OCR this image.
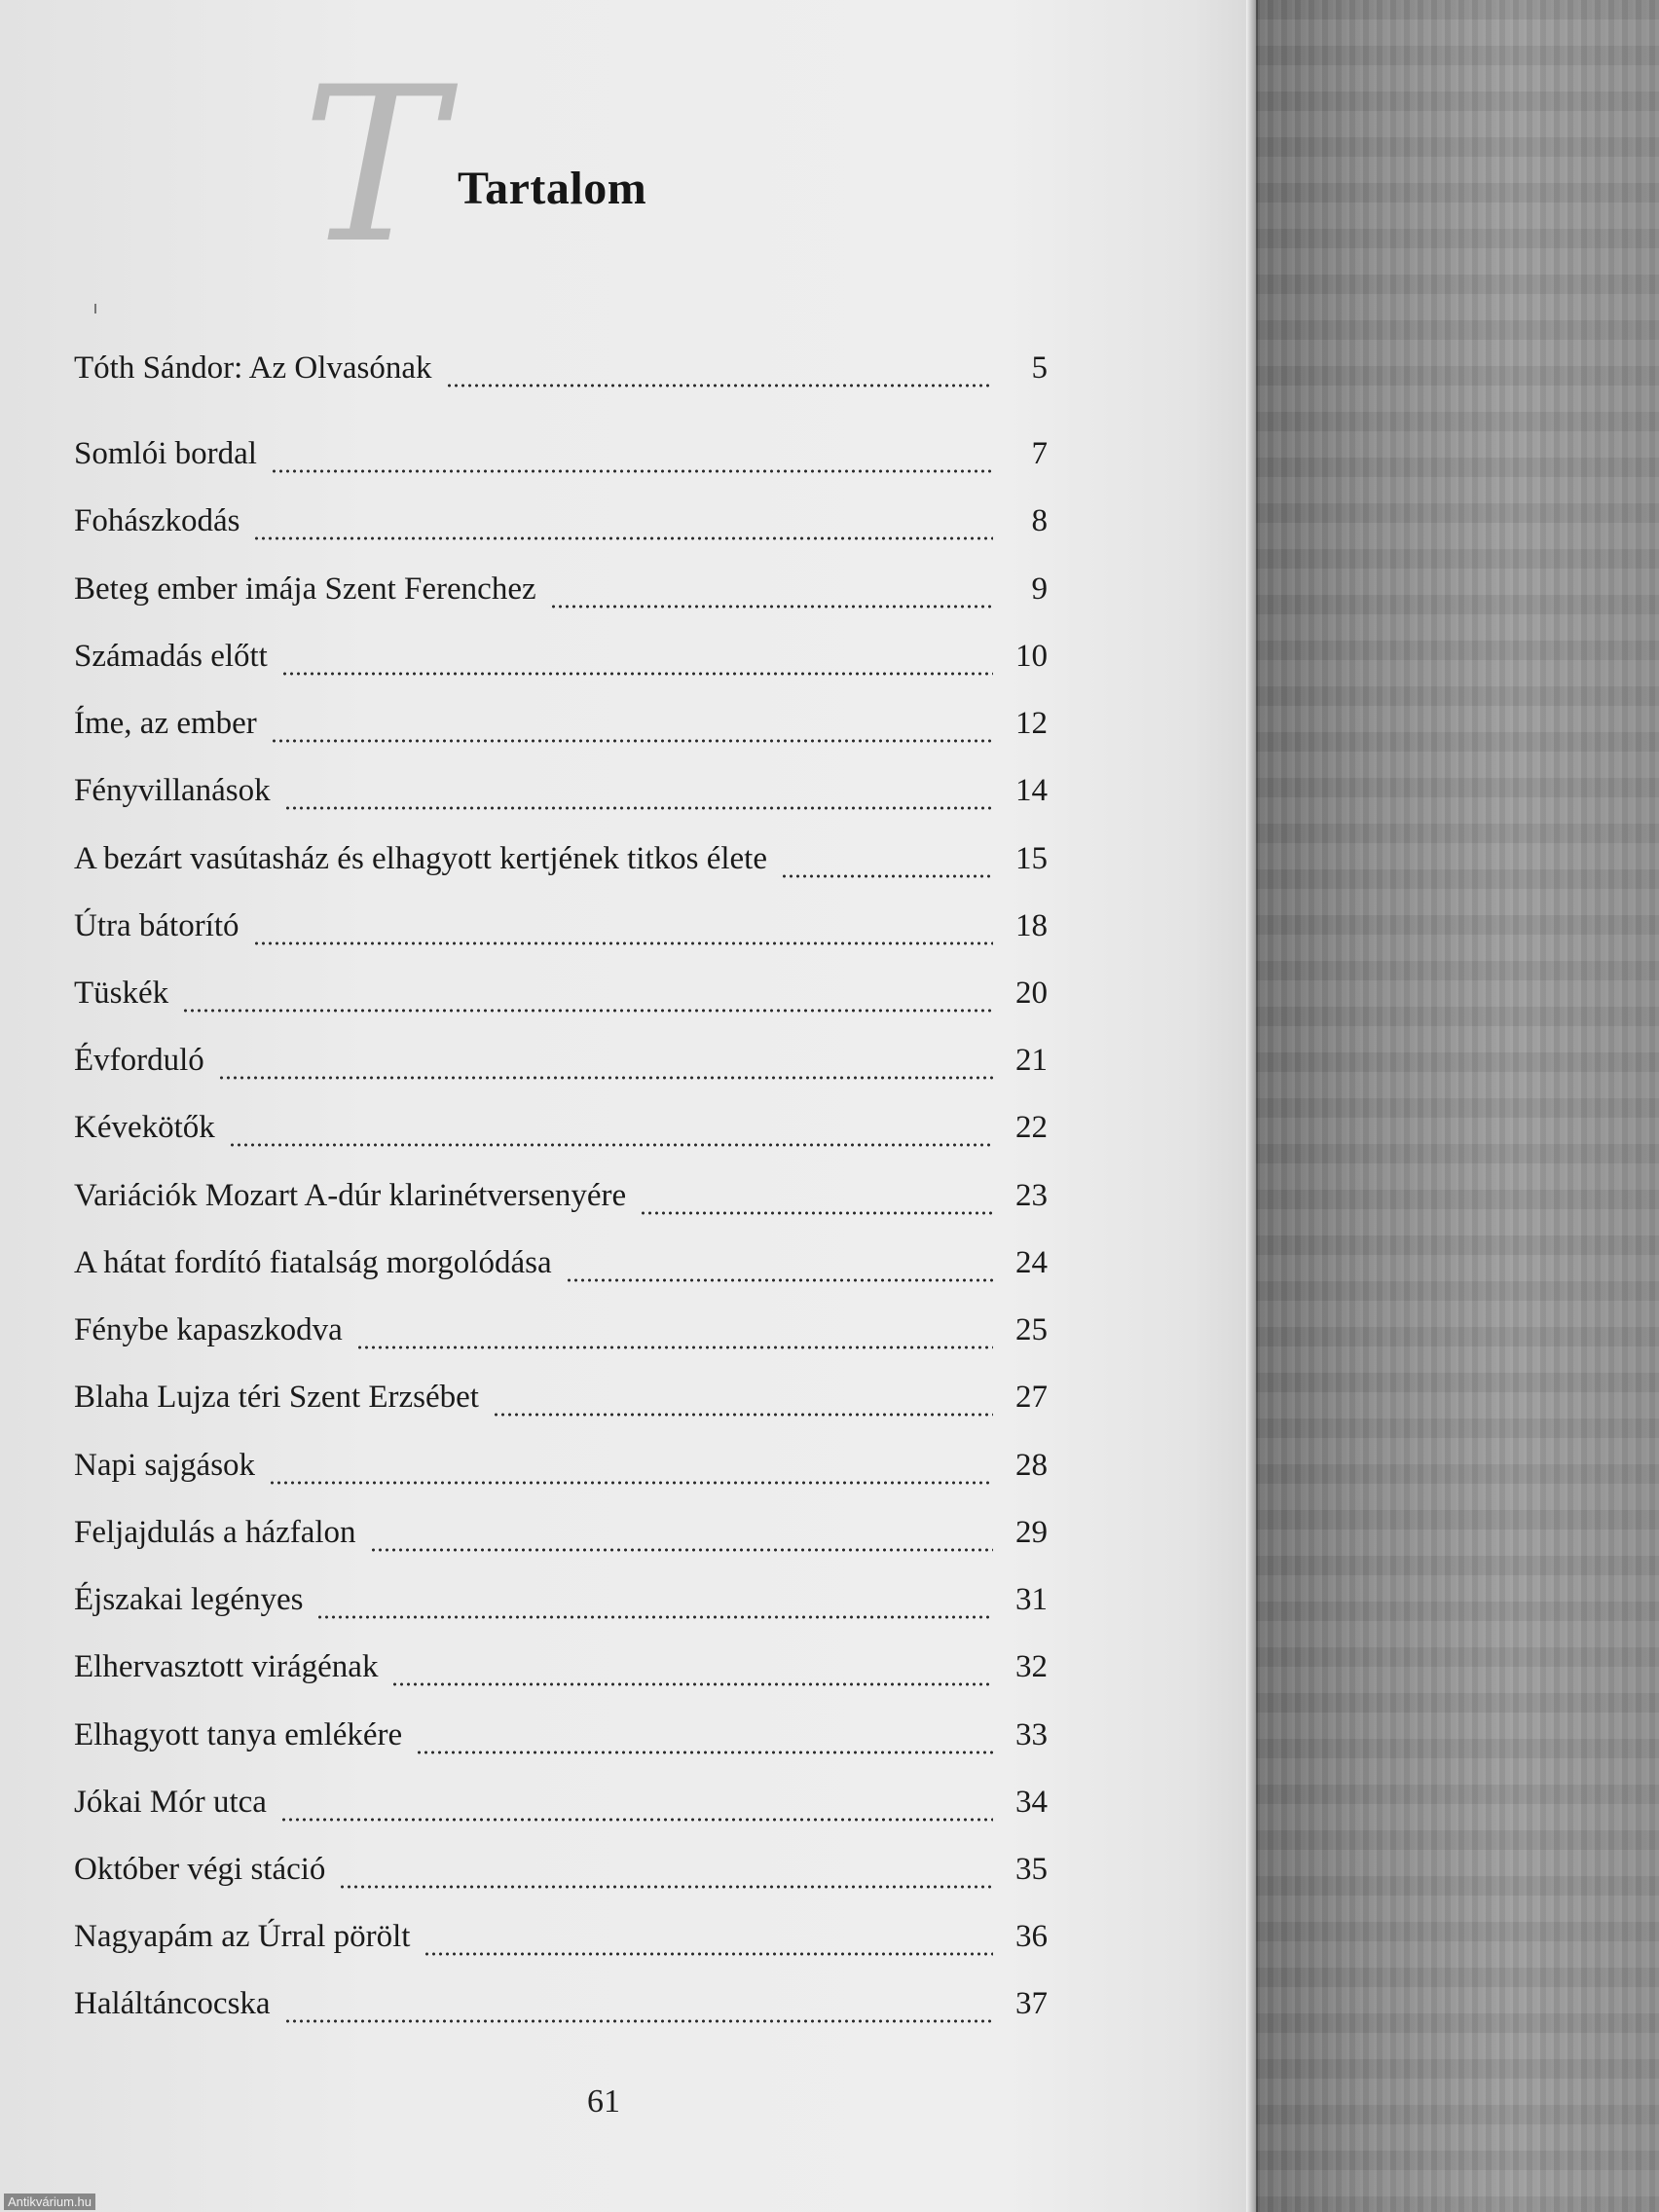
T Tartalom
Tóth Sándor: Az Olvasónak	5
Somlói bordal	7
Fohászkodás	8
Beteg ember imája Szent Ferenchez	9
Számadás előtt	10
Íme, az ember	12
Fényvillanások	14
A bezárt vasútasház és elhagyott kertjének titkos élete	15
Útra bátorító	18
Tüskék	20
Évforduló	21
Kévekötők	22
Variációk Mozart A-dúr klarinétversenyére	23
A hátat fordító fiatalság morgolódása	24
Fénybe kapaszkodva	25
Blaha Lujza téri Szent Erzsébet	27
Napi sajgások	28
Feljajdulás a házfalon	29
Éjszakai legényes	31
Elhervasztott virágénak	32
Elhagyott tanya emlékére	33
Jókai Mór utca	34
Október végi stáció	35
Nagyapám az Úrral pörölt	36
Haláltáncocska	37
61
Antikvárium.hu
